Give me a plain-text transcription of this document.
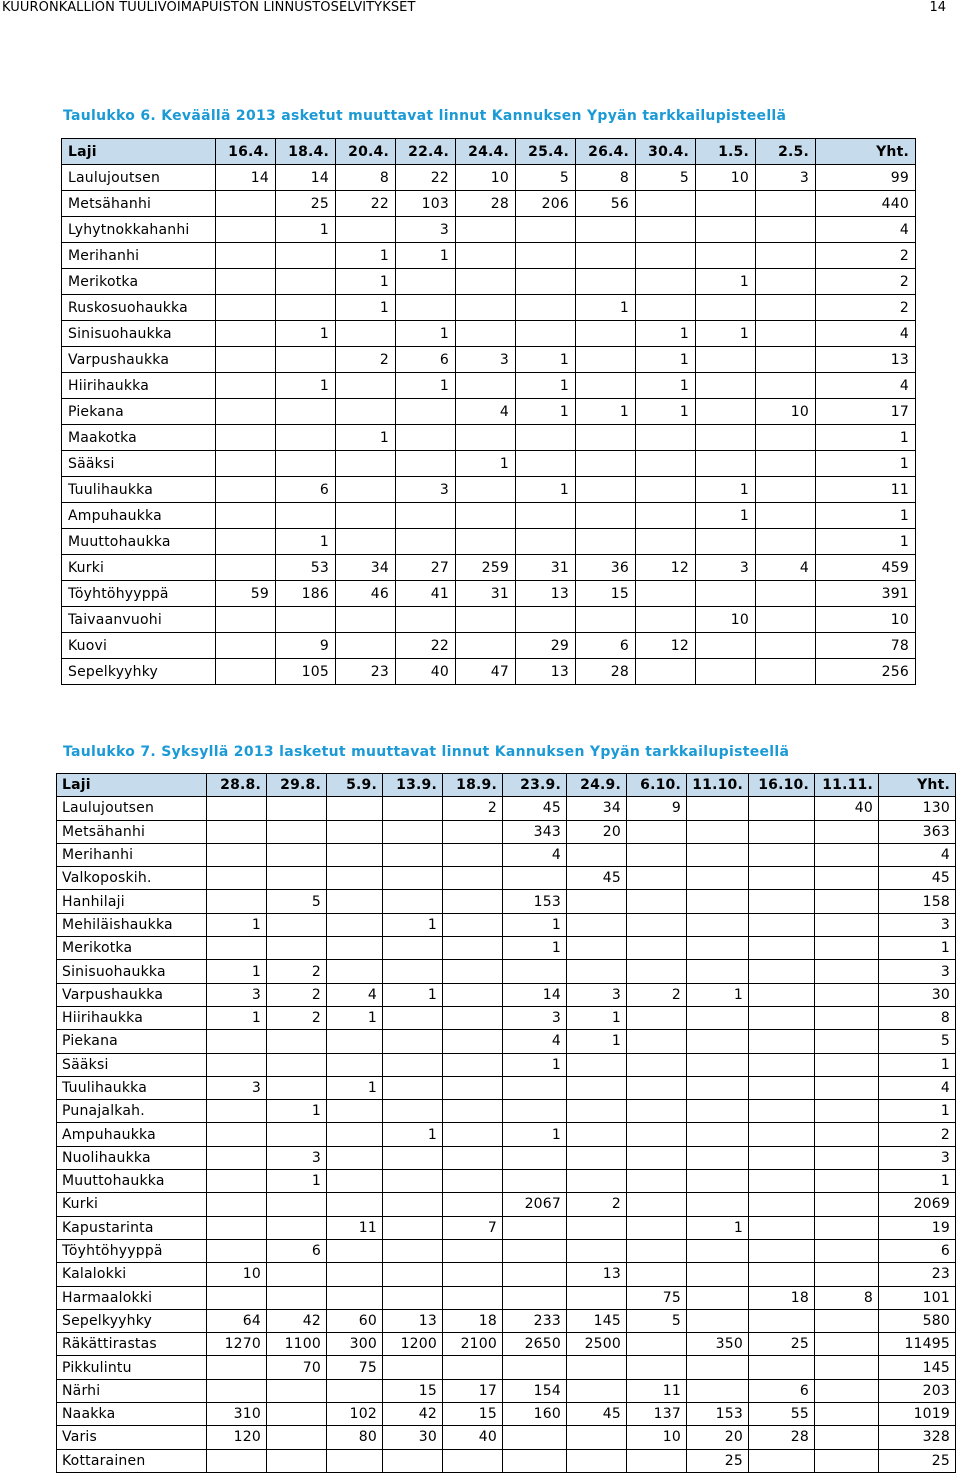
KUURONKALLION TUULIVOIMAPUISTON LINNUSTOSELVITYKSET	14
Taulukko 6. Keväällä 2013 asketut muuttavat linnut Kannuksen Ypyän tarkkailupisteellä
Laji	16.4.	18.4.	20.4.	22.4.	24.4.	25.4.	26.4.	30.4.	1.5.	2.5.	Yht.
Laulujoutsen	14	14	8	22	10	5	8	5	10	3	99
Metsähanhi		25	22	103	28	206	56				440
Lyhytnokkahanhi		1		3							4
Merihanhi			1	1							2
Merikotka			1						1		2
Ruskosuohaukka			1				1				2
Sinisuohaukka		1		1				1	1		4
Varpushaukka			2	6	3	1		1			13
Hiirihaukka		1		1		1		1			4
Piekana					4	1	1	1		10	17
Maakotka			1								1
Sääksi					1						1
Tuulihaukka		6		3		1			1		11
Ampuhaukka									1		1
Muuttohaukka		1									1
Kurki		53	34	27	259	31	36	12	3	4	459
Töyhtöhyyppä	59	186	46	41	31	13	15				391
Taivaanvuohi									10		10
Kuovi		9		22		29	6	12			78
Sepelkyyhky		105	23	40	47	13	28				256
Taulukko 7. Syksyllä 2013 lasketut muuttavat linnut Kannuksen Ypyän tarkkailupisteellä
Laji	28.8.	29.8.	5.9.	13.9.	18.9.	23.9.	24.9.	6.10.	11.10.	16.10.	11.11.	Yht.
Laulujoutsen					2	45	34	9			40	130
Metsähanhi						343	20					363
Merihanhi						4						4
Valkoposkih.							45					45
Hanhilaji		5				153						158
Mehiläishaukka	1			1		1						3
Merikotka						1						1
Sinisuohaukka	1	2										3
Varpushaukka	3	2	4	1		14	3	2	1			30
Hiirihaukka	1	2	1			3	1					8
Piekana						4	1					5
Sääksi						1						1
Tuulihaukka	3		1									4
Punajalkah.		1										1
Ampuhaukka				1		1						2
Nuolihaukka		3										3
Muuttohaukka		1										1
Kurki						2067	2					2069
Kapustarinta			11		7				1			19
Töyhtöhyyppä		6										6
Kalalokki	10						13					23
Harmaalokki								75		18	8	101
Sepelkyyhky	64	42	60	13	18	233	145	5				580
Räkättirastas	1270	1100	300	1200	2100	2650	2500		350	25		11495
Pikkulintu		70	75									145
Närhi				15	17	154		11		6		203
Naakka	310		102	42	15	160	45	137	153	55		1019
Varis	120		80	30	40			10	20	28		328
Kottarainen									25			25
